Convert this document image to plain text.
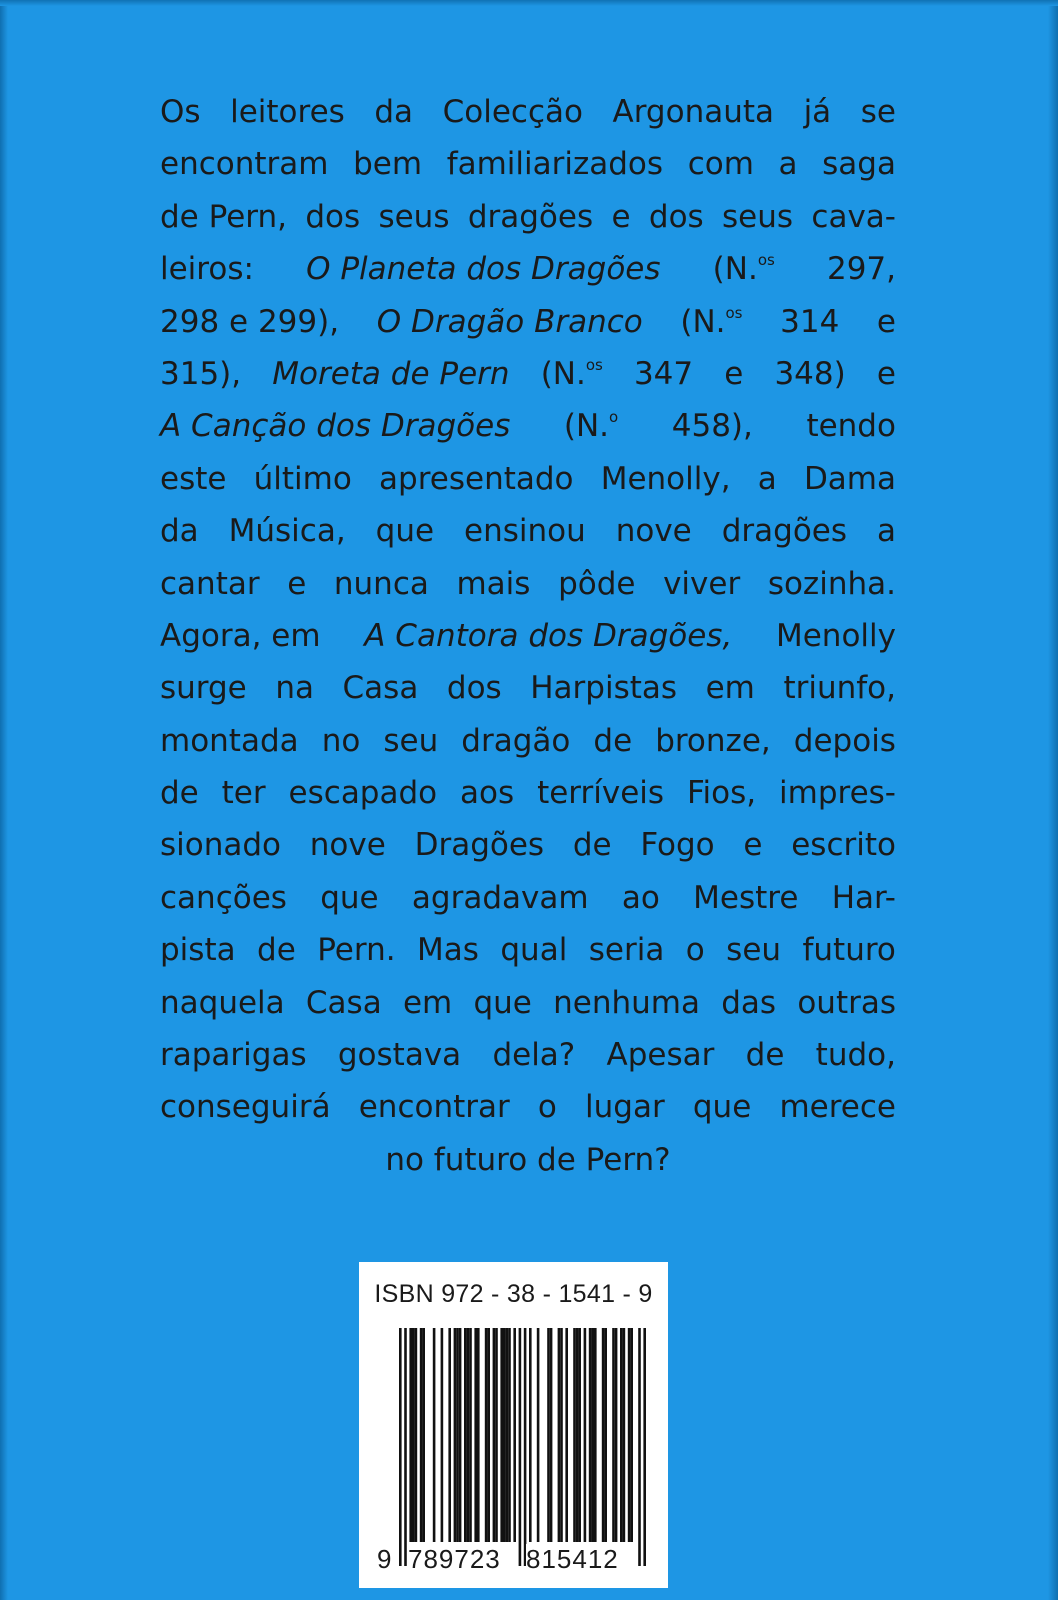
Os leitores da Colecção Argonauta já se
encontram bem familiarizados com a saga
de Pern, dos seus dragões e dos seus cava-
leiros: O Planeta dos Dragões (N.$^{os}$ 297,
298 e 299), O Dragão Branco (N.$^{os}$ 314 e
315), Moreta de Pern (N.$^{os}$ 347 e 348) e
A Canção dos Dragões (N.$^o$ 458), tendo
este último apresentado Menolly, a Dama
da Música, que ensinou nove dragões a
cantar e nunca mais pôde viver sozinha.
Agora, em A Cantora dos Dragões, Menolly
surge na Casa dos Harpistas em triunfo,
montada no seu dragão de bronze, depois
de ter escapado aos terríveis Fios, impres-
sionado nove Dragões de Fogo e escrito
canções que agradavam ao Mestre Har-
pista de Pern. Mas qual seria o seu futuro
naquela Casa em que nenhuma das outras
raparigas gostava dela? Apesar de tudo,
conseguirá encontrar o lugar que merece
no futuro de Pern?
ISBN 972 - 38 - 1541 - 9
9 789723 815412
